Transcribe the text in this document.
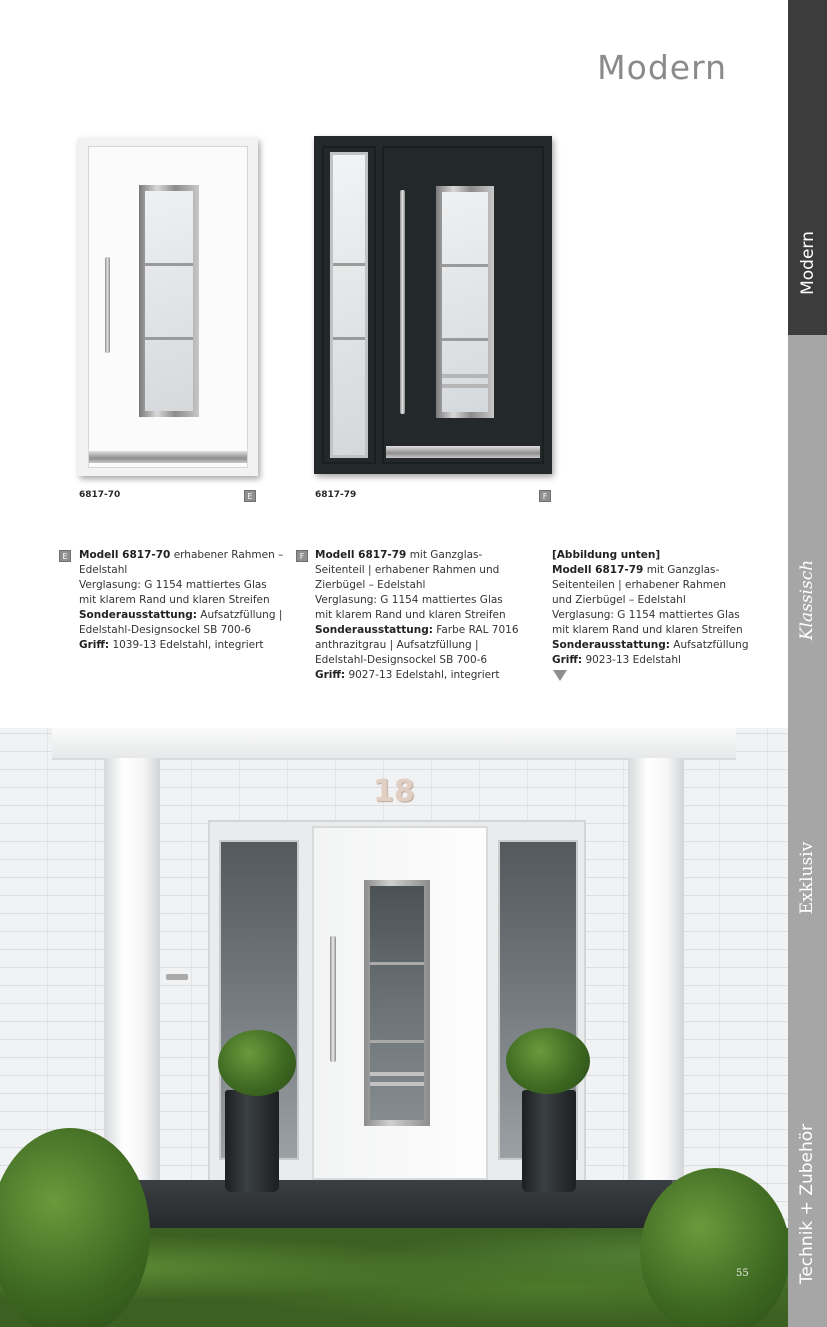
Modern
Modern
Klassisch
Exklusiv
Technik + Zubehör
6817-70	E	6817-79	F
E	Modell 6817-70 erhabener Rahmen –
Edelstahl
Verglasung: G 1154 mattiertes Glas
mit klarem Rand und klaren Streifen
Sonderausstattung: Aufsatzfüllung |
Edelstahl-Designsockel SB 700-6
Griff: 1039-13 Edelstahl, integriert
F	Modell 6817-79 mit Ganzglas-
Seitenteil | erhabener Rahmen und
Zierbügel – Edelstahl
Verglasung: G 1154 mattiertes Glas
mit klarem Rand und klaren Streifen
Sonderausstattung: Farbe RAL 7016
anthrazitgrau | Aufsatzfüllung |
Edelstahl-Designsockel SB 700-6
Griff: 9027-13 Edelstahl, integriert
[Abbildung unten]
Modell 6817-79 mit Ganzglas-
Seitenteilen | erhabener Rahmen
und Zierbügel – Edelstahl
Verglasung: G 1154 mattiertes Glas
mit klarem Rand und klaren Streifen
Sonderausstattung: Aufsatzfüllung
Griff: 9023-13 Edelstahl
18
55
